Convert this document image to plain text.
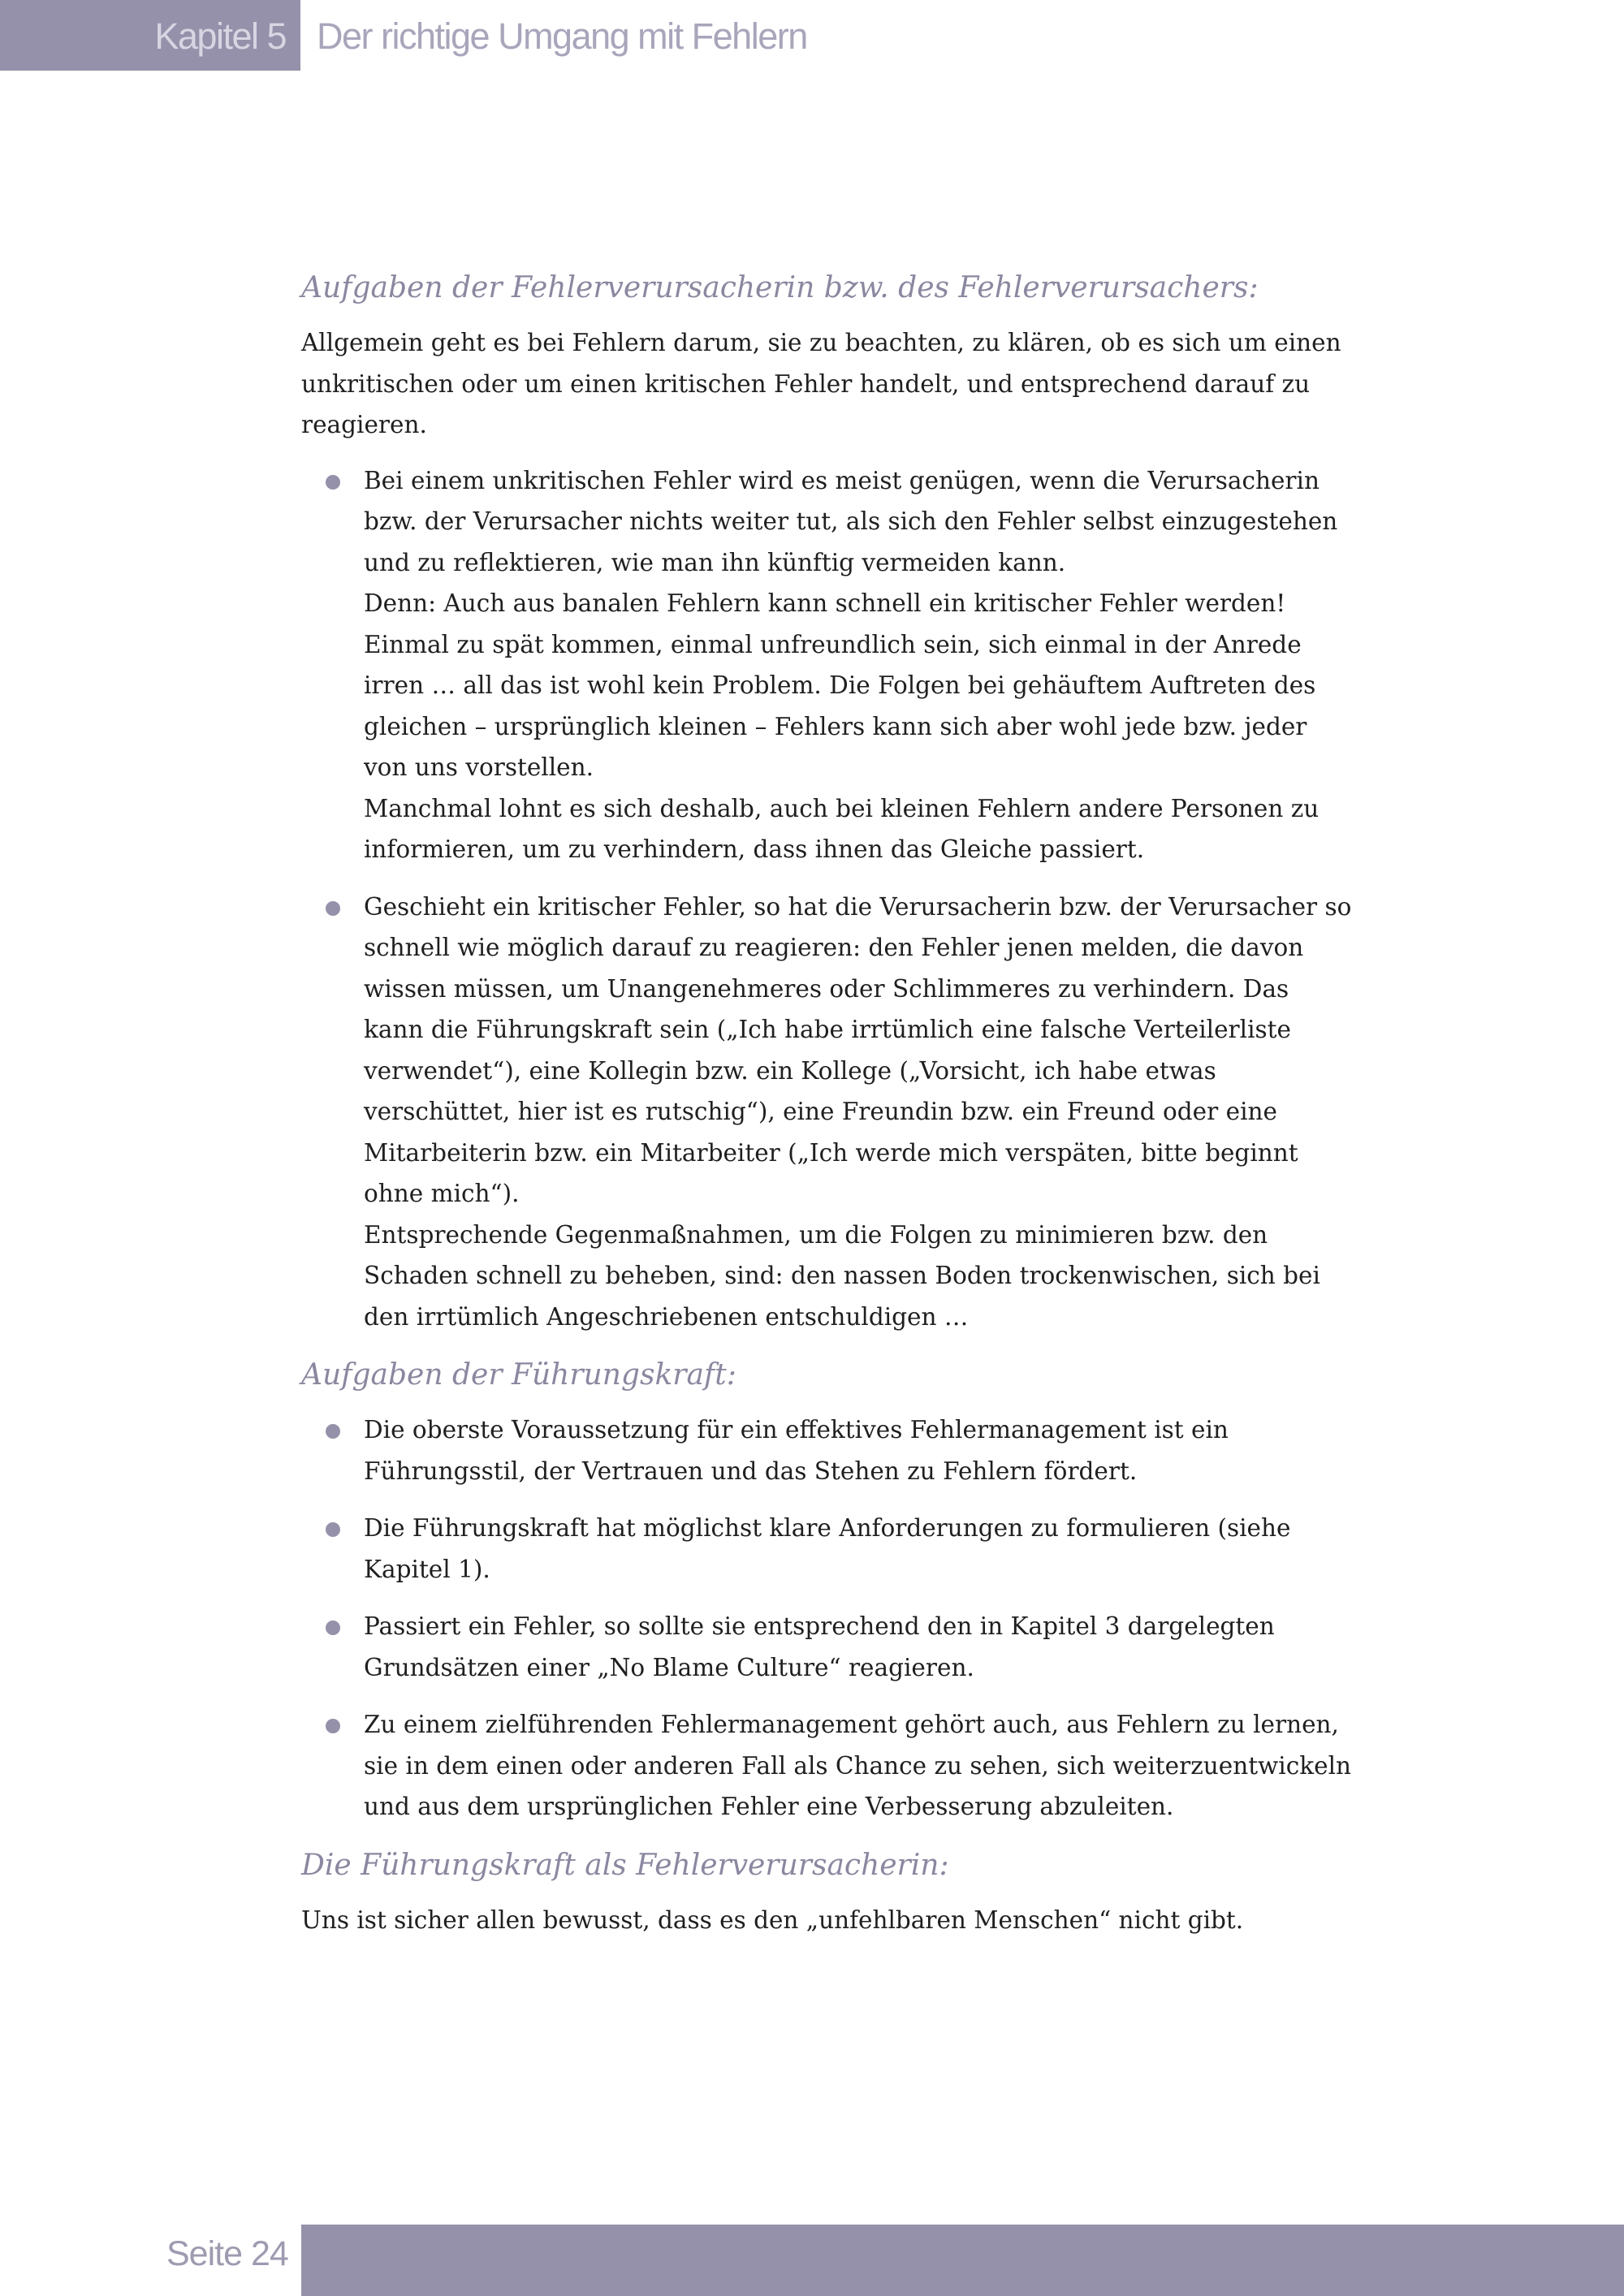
Kapitel 5 Der richtige Umgang mit Fehlern
Aufgaben der Fehlerverursacherin bzw. des Fehlerverursachers:

Allgemein geht es bei Fehlern darum, sie zu beachten, zu klären, ob es sich um einen unkritischen oder um einen kritischen Fehler handelt, und entsprechend darauf zu reagieren.

Bei einem unkritischen Fehler wird es meist genügen, wenn die Verursacherin bzw. der Verursacher nichts weiter tut, als sich den Fehler selbst einzugestehen und zu reflektieren, wie man ihn künftig vermeiden kann.
Denn: Auch aus banalen Fehlern kann schnell ein kritischer Fehler werden! Einmal zu spät kommen, einmal unfreundlich sein, sich einmal in der Anrede irren … all das ist wohl kein Problem. Die Folgen bei gehäuftem Auftreten des gleichen – ursprünglich kleinen – Fehlers kann sich aber wohl jede bzw. jeder von uns vorstellen.
Manchmal lohnt es sich deshalb, auch bei kleinen Fehlern andere Personen zu informieren, um zu verhindern, dass ihnen das Gleiche passiert.
Geschieht ein kritischer Fehler, so hat die Verursacherin bzw. der Verursacher so schnell wie möglich darauf zu reagieren: den Fehler jenen melden, die davon wissen müssen, um Unangenehmeres oder Schlimmeres zu verhindern. Das kann die Führungskraft sein („Ich habe irrtümlich eine falsche Verteilerliste verwendet“), eine Kollegin bzw. ein Kollege („Vorsicht, ich habe etwas verschüttet, hier ist es rutschig“), eine Freundin bzw. ein Freund oder eine Mitarbeiterin bzw. ein Mitarbeiter („Ich werde mich verspäten, bitte beginnt ohne mich“).
Entsprechende Gegenmaßnahmen, um die Folgen zu minimieren bzw. den Schaden schnell zu beheben, sind: den nassen Boden trockenwischen, sich bei den irrtümlich Angeschriebenen entschuldigen …
Aufgaben der Führungskraft:
Die oberste Voraussetzung für ein effektives Fehlermanagement ist ein Führungsstil, der Vertrauen und das Stehen zu Fehlern fördert.
Die Führungskraft hat möglichst klare Anforderungen zu formulieren (siehe Kapitel 1).
Passiert ein Fehler, so sollte sie entsprechend den in Kapitel 3 dargelegten Grundsätzen einer „No Blame Culture“ reagieren.
Zu einem zielführenden Fehlermanagement gehört auch, aus Fehlern zu lernen, sie in dem einen oder anderen Fall als Chance zu sehen, sich weiterzuentwickeln und aus dem ursprünglichen Fehler eine Verbesserung abzuleiten.
Die Führungskraft als Fehlerverursacherin:

Uns ist sicher allen bewusst, dass es den „unfehlbaren Menschen“ nicht gibt.

Seite 24
